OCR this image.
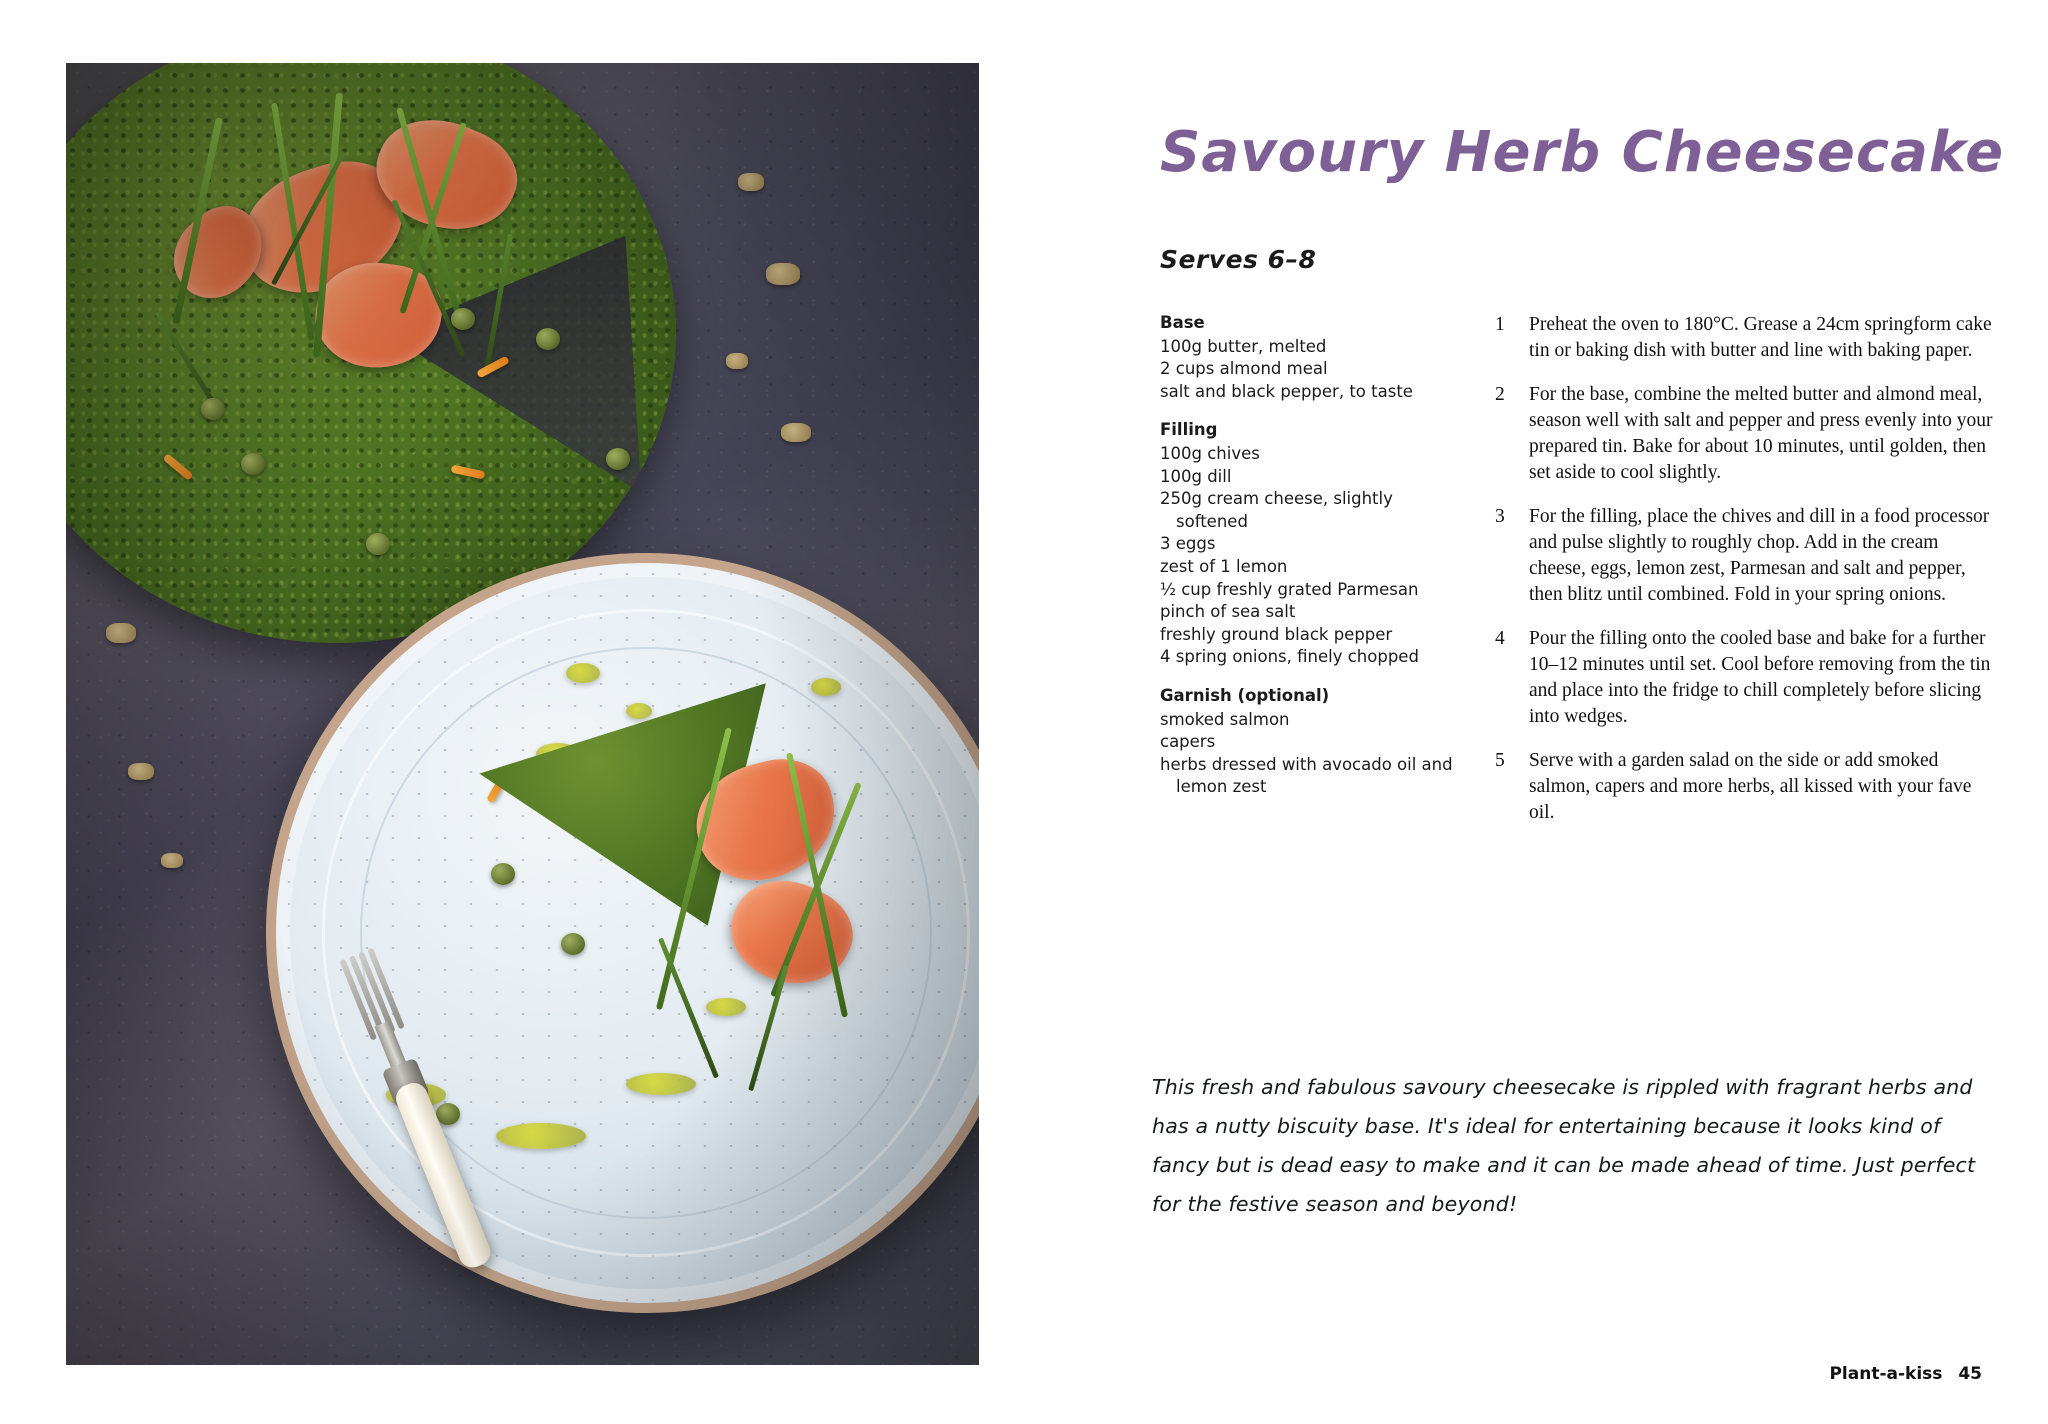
Savoury Herb Cheesecake
Serves 6–8
Base
100g butter, melted
2 cups almond meal
salt and black pepper, to taste
Filling
100g chives
100g dill
250g cream cheese, slightly
softened
3 eggs
zest of 1 lemon
½ cup freshly grated Parmesan
pinch of sea salt
freshly ground black pepper
4 spring onions, finely chopped
Garnish (optional)
smoked salmon
capers
herbs dressed with avocado oil and
lemon zest
1	Preheat the oven to 180°C. Grease a 24cm springform cake tin or baking dish with butter and line with baking paper.
2	For the base, combine the melted butter and almond meal, season well with salt and pepper and press evenly into your prepared tin. Bake for about 10 minutes, until golden, then set aside to cool slightly.
3	For the filling, place the chives and dill in a food processor and pulse slightly to roughly chop. Add in the cream cheese, eggs, lemon zest, Parmesan and salt and pepper, then blitz until combined. Fold in your spring onions.
4	Pour the filling onto the cooled base and bake for a further 10–12 minutes until set. Cool before removing from the tin and place into the fridge to chill completely before slicing into wedges.
5	Serve with a garden salad on the side or add smoked salmon, capers and more herbs, all kissed with your fave oil.
This fresh and fabulous savoury cheesecake is rippled with fragrant herbs and has a nutty biscuity base. It's ideal for entertaining because it looks kind of fancy but is dead easy to make and it can be made ahead of time. Just perfect for the festive season and beyond!
Plant-a-kiss 45
